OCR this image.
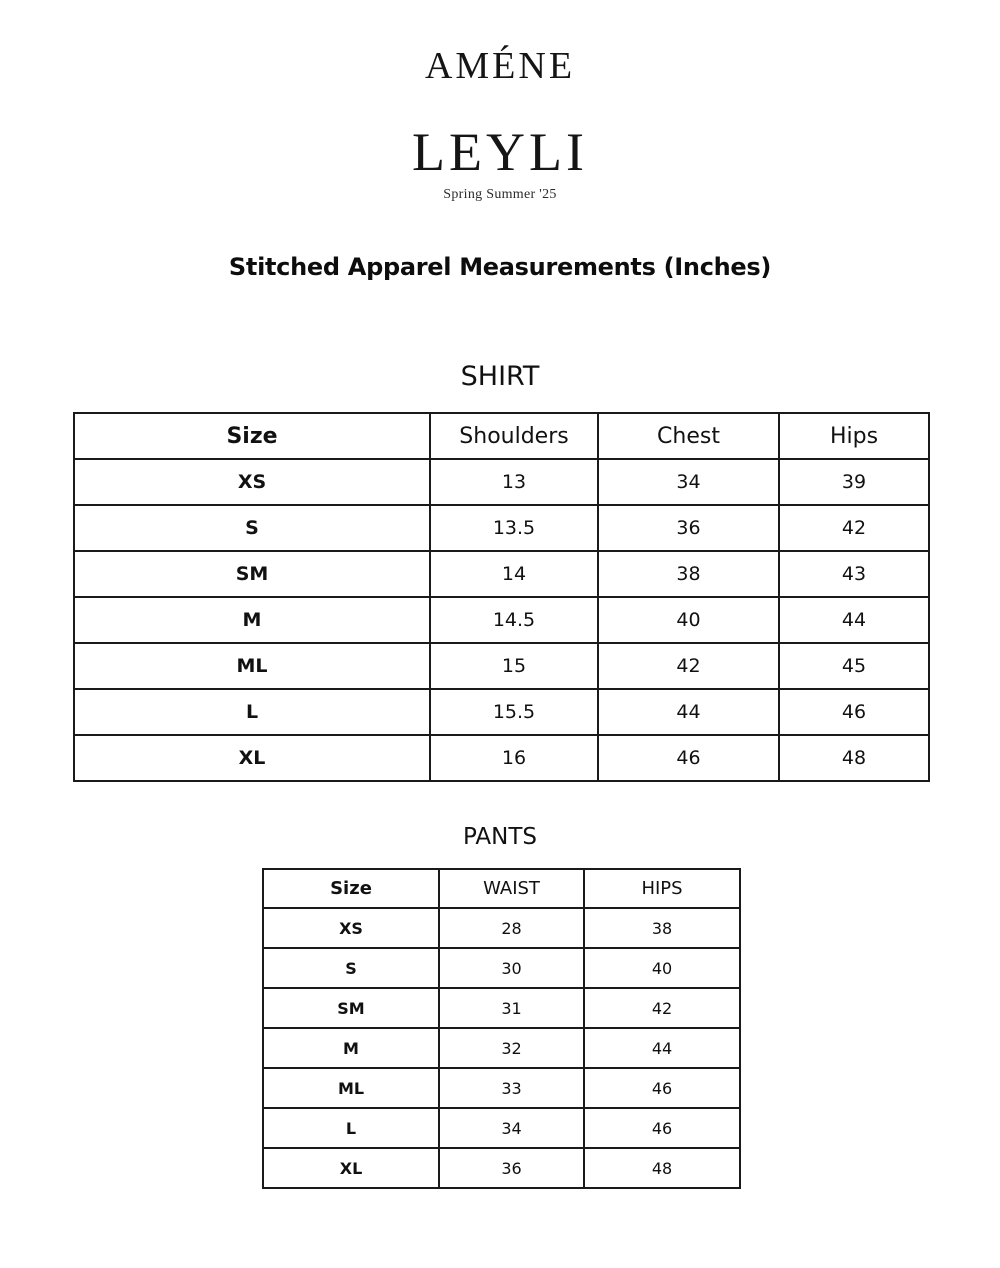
AMÉNE
LEYLI
Spring Summer '25
Stitched Apparel Measurements (Inches)
SHIRT
Size	Shoulders	Chest	Hips
XS	13	34	39
S	13.5	36	42
SM	14	38	43
M	14.5	40	44
ML	15	42	45
L	15.5	44	46
XL	16	46	48
PANTS
Size	WAIST	HIPS
XS	28	38
S	30	40
SM	31	42
M	32	44
ML	33	46
L	34	46
XL	36	48
